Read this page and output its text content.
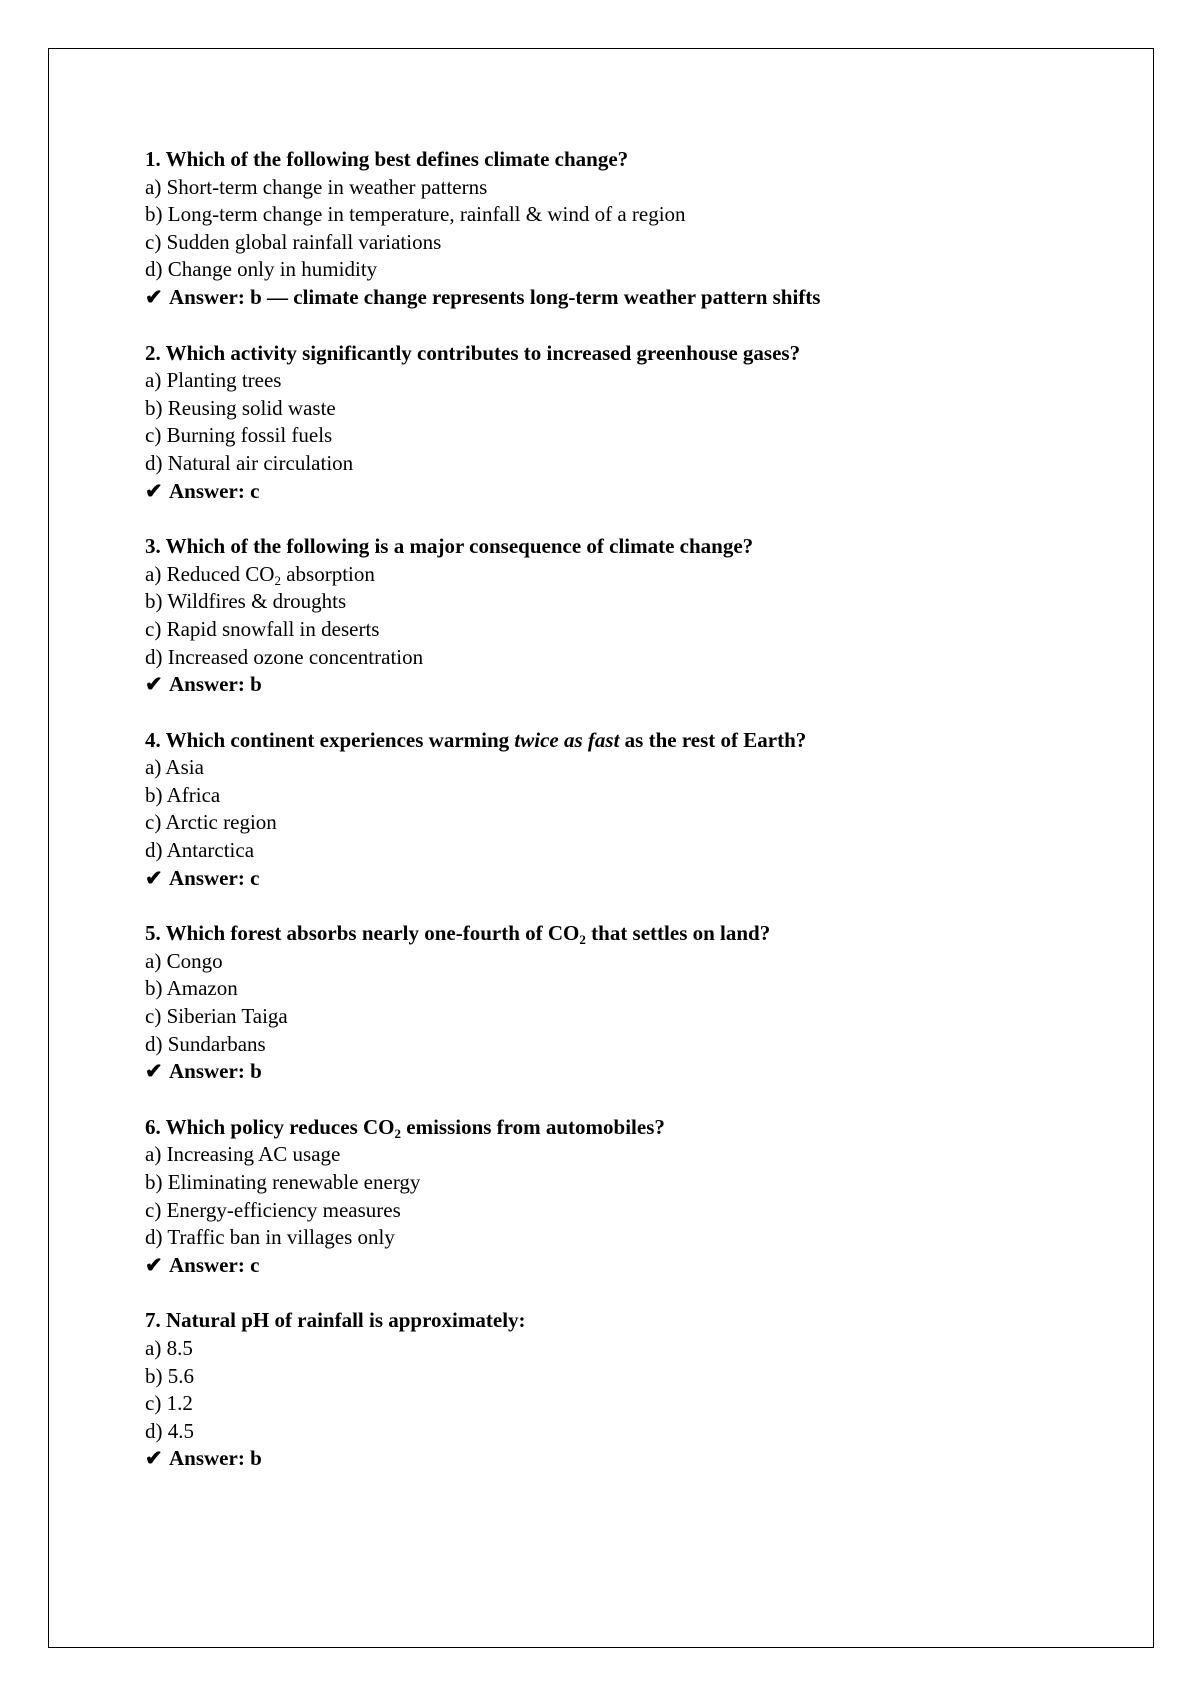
1. Which of the following best defines climate change?
a) Short-term change in weather patterns
b) Long-term change in temperature, rainfall & wind of a region
c) Sudden global rainfall variations
d) Change only in humidity
✔ Answer: b — climate change represents long-term weather pattern shifts
2. Which activity significantly contributes to increased greenhouse gases?
a) Planting trees
b) Reusing solid waste
c) Burning fossil fuels
d) Natural air circulation
✔ Answer: c
3. Which of the following is a major consequence of climate change?
a) Reduced $CO_2$ absorption
b) Wildfires & droughts
c) Rapid snowfall in deserts
d) Increased ozone concentration
✔ Answer: b
4. Which continent experiences warming twice as fast as the rest of Earth?
a) Asia
b) Africa
c) Arctic region
d) Antarctica
✔ Answer: c
5. Which forest absorbs nearly one-fourth of $CO_2$ that settles on land?
a) Congo
b) Amazon
c) Siberian Taiga
d) Sundarbans
✔ Answer: b
6. Which policy reduces $CO_2$ emissions from automobiles?
a) Increasing AC usage
b) Eliminating renewable energy
c) Energy-efficiency measures
d) Traffic ban in villages only
✔ Answer: c
7. Natural pH of rainfall is approximately:
a) 8.5
b) 5.6
c) 1.2
d) 4.5
✔ Answer: b
